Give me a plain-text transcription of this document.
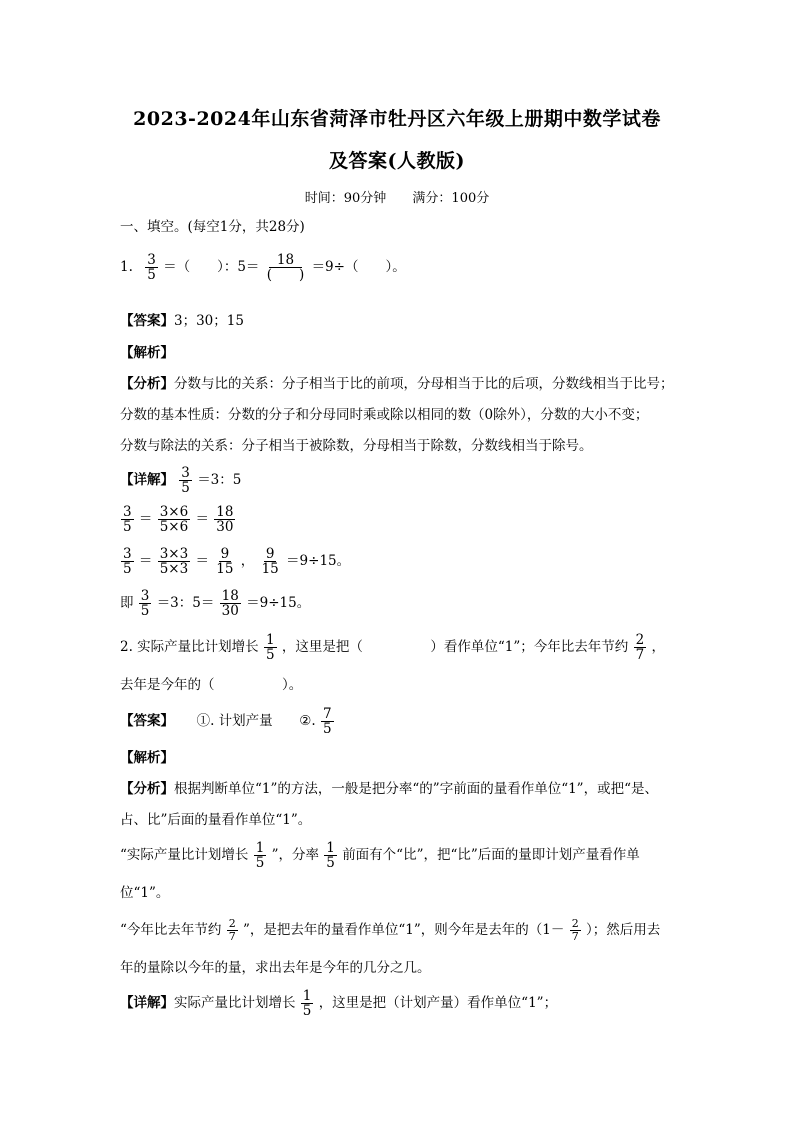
2023-2024年山东省菏泽市牡丹区六年级上册期中数学试卷
及答案(人教版)
时间：90分钟 满分：100分
一、填空。(每空1分，共28分)
1. $\frac{3}{5}$ ＝（　　）：$5= \frac{18}{( )} =9\div$（　　）。
【答案】3；30；15
【解析】
【分析】分数与比的关系：分子相当于比的前项，分母相当于比的后项，分数线相当于比号；
分数的基本性质：分数的分子和分母同时乘或除以相同的数（0除外），分数的大小不变；
分数与除法的关系：分子相当于被除数，分母相当于除数，分数线相当于除号。
【详解】 $\frac{3}{5} =3$：5
$\frac{3}{5} = \frac{3\times 6}{5\times 6} = \frac{18}{30}$
$\frac{3}{5} = \frac{3\times 3}{5\times 3} = \frac{9}{15}$ ， $\frac{9}{15} =9\div 15$。
即 $\frac{3}{5} =3$：$5= \frac{18}{30} =9\div 15$。
2. 实际产量比计划增长 $\frac{1}{5}$ ，这里是把（　　　　　）看作单位“1”；今年比去年节约 $\frac{2}{7}$ ，
去年是今年的（　　　　　）。
【答案】 ①. 计划产量 ②. $\frac{7}{5}$
【解析】
【分析】根据判断单位“1”的方法，一般是把分率“的”字前面的量看作单位“1”，或把“是、
占、比”后面的量看作单位“1”。
“实际产量比计划增长 $\frac{1}{5}$ ”，分率 $\frac{1}{5}$ 前面有个“比”，把“比”后面的量即计划产量看作单
位“1”。
“今年比去年节约 $\frac{2}{7}$ ”，是把去年的量看作单位“1”，则今年是去年的（$1- \frac{2}{7}$ ）；然后用去
年的量除以今年的量，求出去年是今年的几分之几。
【详解】实际产量比计划增长 $\frac{1}{5}$ ，这里是把（计划产量）看作单位“1”；
